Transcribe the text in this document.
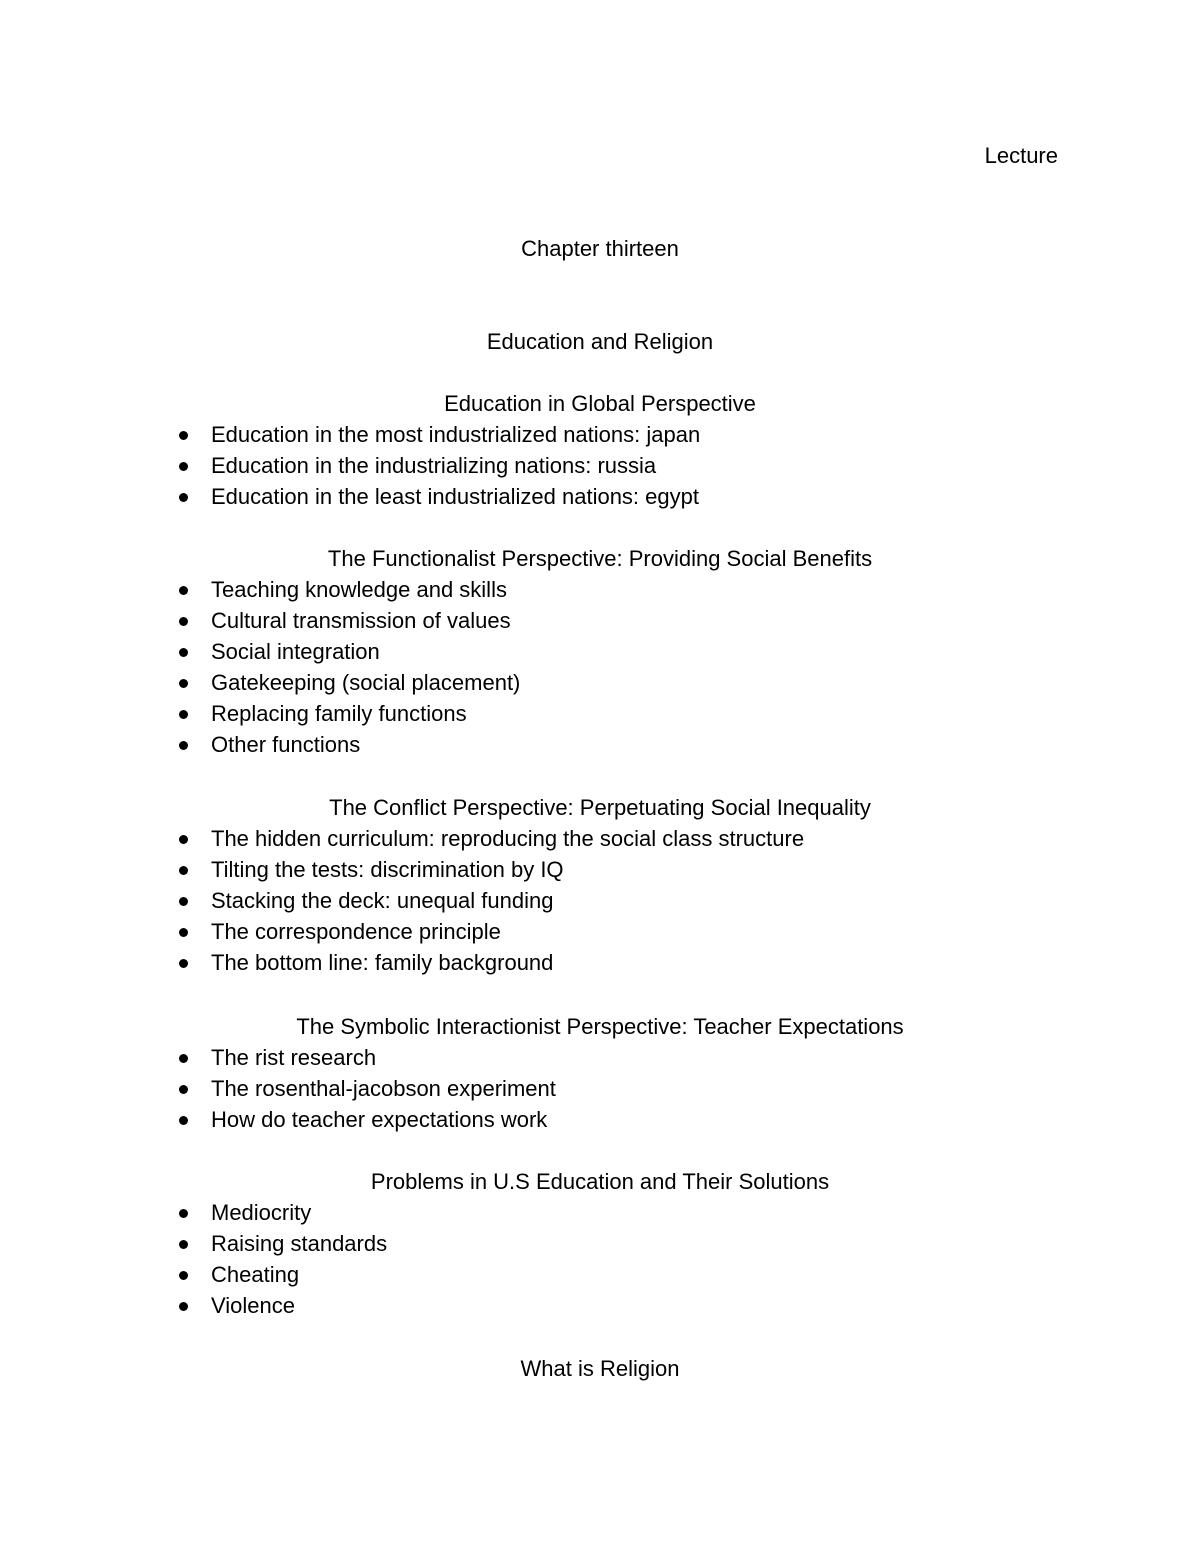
Lecture
Chapter thirteen
Education and Religion
Education in Global Perspective
Education in the most industrialized nations: japan
Education in the industrializing nations: russia
Education in the least industrialized nations: egypt
The Functionalist Perspective: Providing Social Benefits
Teaching knowledge and skills
Cultural transmission of values
Social integration
Gatekeeping (social placement)
Replacing family functions
Other functions
The Conflict Perspective: Perpetuating Social Inequality
The hidden curriculum: reproducing the social class structure
Tilting the tests: discrimination by IQ
Stacking the deck: unequal funding
The correspondence principle
The bottom line: family background
The Symbolic Interactionist Perspective: Teacher Expectations
The rist research
The rosenthal-jacobson experiment
How do teacher expectations work
Problems in U.S Education and Their Solutions
Mediocrity
Raising standards
Cheating
Violence
What is Religion
